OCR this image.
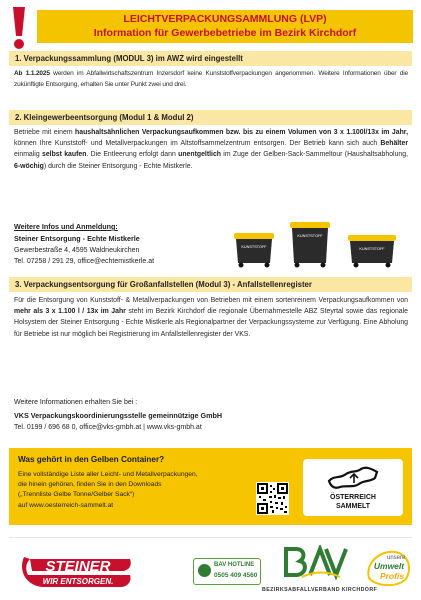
LEICHTVERPACKUNGSAMMLUNG (LVP)
Information für Gewerbebetriebe im Bezirk Kirchdorf
1. Verpackungssammlung (MODUL 3) im AWZ wird eingestellt
Ab 1.1.2025 werden im Abfallwirtschaftszentrum Inzersdorf keine Kunststoffverpackungen angenommen. Weitere Informationen über die zukünftigte Entsorgung, erhalten Sie unter Punkt zwei und drei.
2. Kleingewerbeentsorgung (Modul 1 & Modul 2)
Betriebe mit einem haushaltsähnlichen Verpackungsaufkommen bzw. bis zu einem Volumen von 3 x 1.100l/13x im Jahr, können Ihre Kunststoff- und Metallverpackungen im Altstoffsammelzentrum entsorgen. Der Betrieb kann sich auch Behälter einmalig selbst kaufen. Die Entleerung erfolgt dann unentgeltlich im Zuge der Gelben-Sack-Sammeltour (Haushaltsabholung, 6-wöchig) durch die Steiner Entsorgung - Echte Mistkerle.
Weitere Infos und Anmeldung:
Steiner Entsorgung - Echte Mistkerle
Gewerbestraße 4, 4595 Waldneukirchen
Tel. 07258 / 291 29, office@echtemistkerle.at
KUNSTSTOFF
KUNSTSTOFF
KUNSTSTOFF
3. Verpackungsentsorgung für Großanfallstellen (Modul 3) - Anfallstellenregister
Für die Entsorgung von Kunststoff- & Metallverpackungen von Betrieben mit einem sortenreinem Verpackungsaufkommen von mehr als 3 x 1.100 l / 13x im Jahr steht im Bezirk Kirchdorf die regionale Übernahmestelle ABZ Steyrtal sowie das regionale Holsystem der Steiner Entsorgung - Echte Mistkerle als Regionalpartner der Verpackungssysteme zur Verfügung. Eine Abholung für Betriebe ist nur möglich bei Registrierung im Anfallstellenregister der VKS.
Weitere Informationen erhalten Sie bei :
VKS Verpackungskoordinierungsstelle gemeinnützige GmbH
Tel. 0199 / 696 68 0, office@vks-gmbh.at | www.vks-gmbh.at
Was gehört in den Gelben Container?
Eine vollständige Liste aller Leicht- und Metallverpackungen,
die hinein gehören, finden Sie in den Downloads
(„Trennliste Gelbe Tonne/Gelber Sack“)
auf www.oesterreich-sammelt.at
ÖSTERREICH
SAMMELT
STEINER
WIR ENTSORGEN.
BAV HOTLINE
0505 409 4560
BEZIRKSABFALLVERBAND KIRCHDORF
unsere
Umwelt
Profis
